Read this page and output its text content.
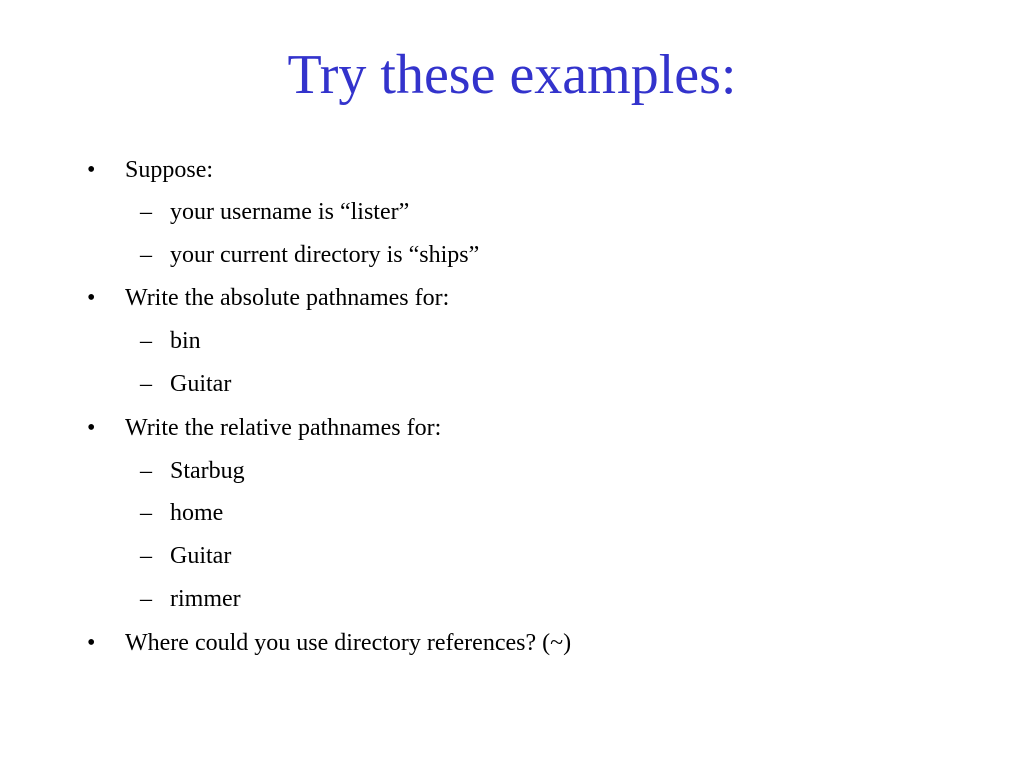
Try these examples:
• Suppose:
– your username is “lister”
– your current directory is “ships”
• Write the absolute pathnames for:
– bin
– Guitar
• Write the relative pathnames for:
– Starbug
– home
– Guitar
– rimmer
• Where could you use directory references? (~)
